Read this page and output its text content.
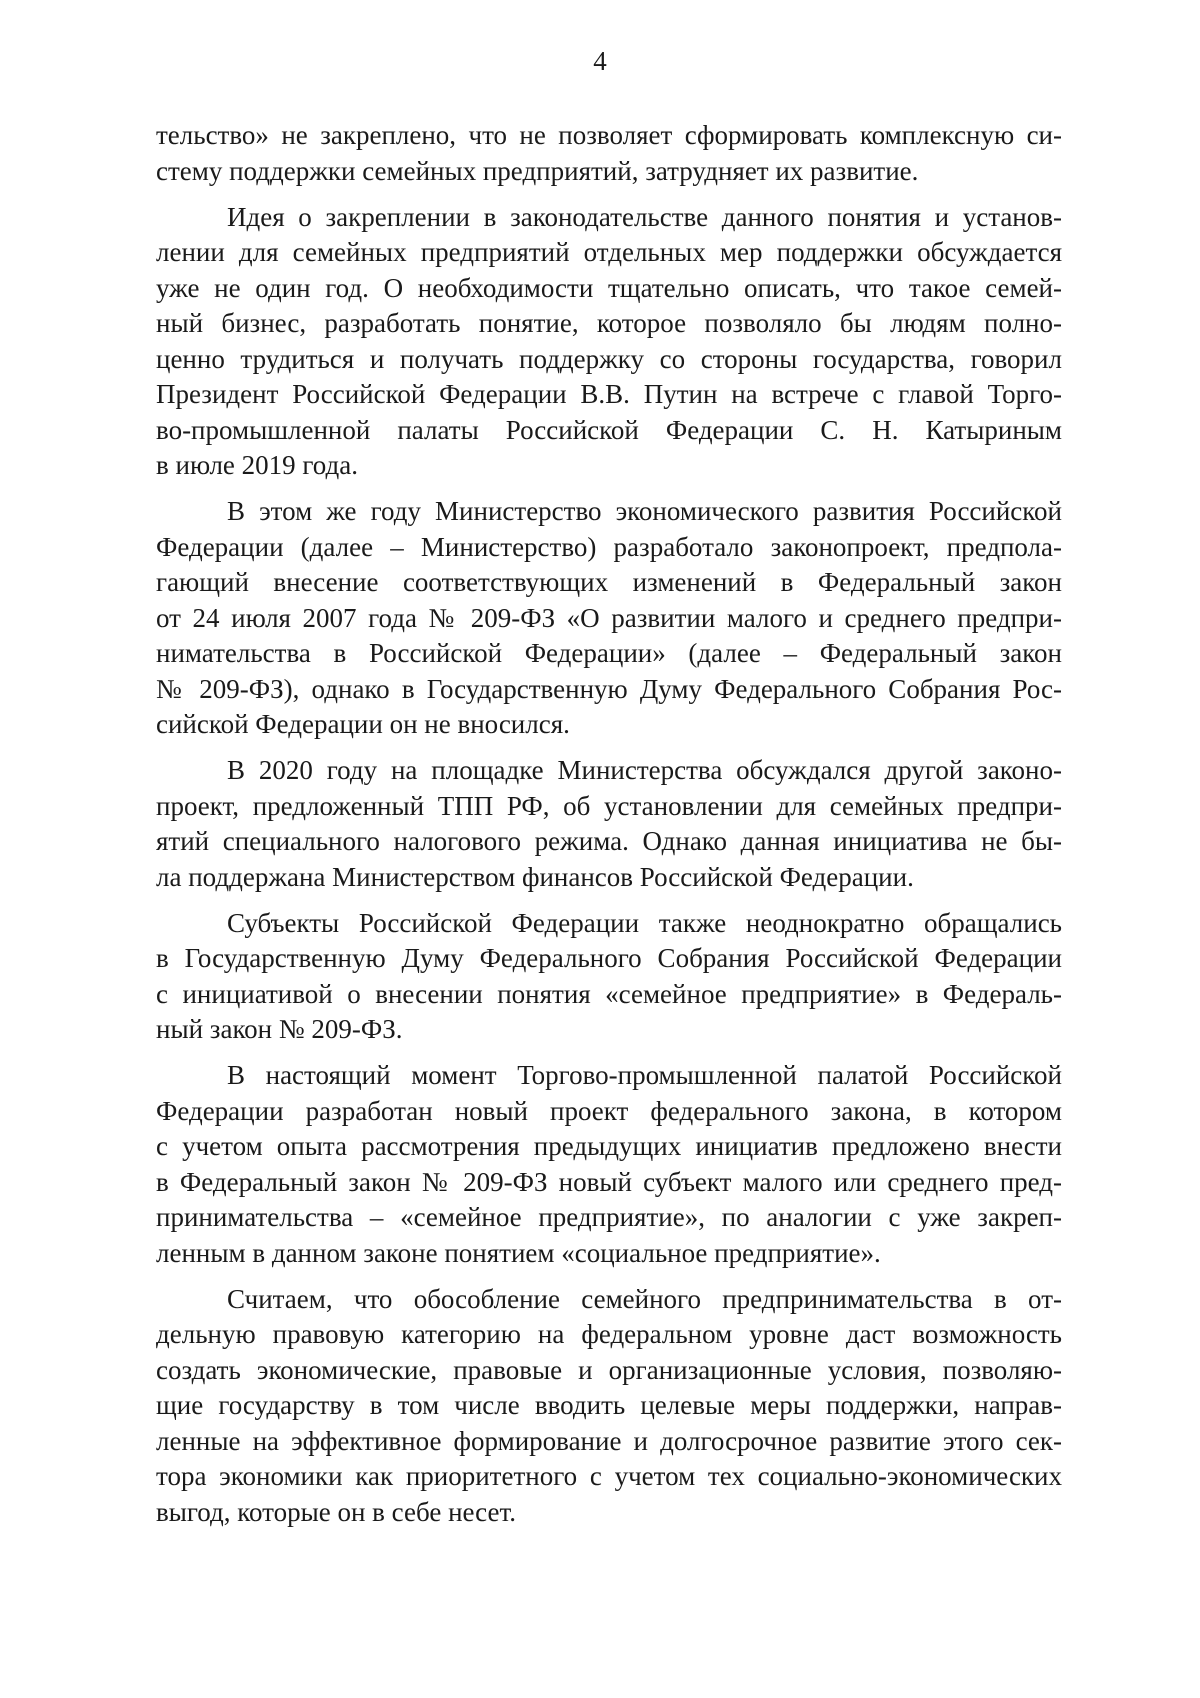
4
тельство» не закреплено, что не позволяет сформировать комплексную си-
стему поддержки семейных предприятий, затрудняет их развитие.
Идея о закреплении в законодательстве данного понятия и установ-
лении для семейных предприятий отдельных мер поддержки обсуждается
уже не один год. О необходимости тщательно описать, что такое семей-
ный бизнес, разработать понятие, которое позволяло бы людям полно-
ценно трудиться и получать поддержку со стороны государства, говорил
Президент Российской Федерации В.В. Путин на встрече с главой Торго-
во-промышленной палаты Российской Федерации С. Н. Катыриным
в июле 2019 года.
В этом же году Министерство экономического развития Российской
Федерации (далее – Министерство) разработало законопроект, предпола-
гающий внесение соответствующих изменений в Федеральный закон
от 24 июля 2007 года № 209-ФЗ «О развитии малого и среднего предпри-
нимательства в Российской Федерации» (далее – Федеральный закон
№ 209-ФЗ), однако в Государственную Думу Федерального Собрания Рос-
сийской Федерации он не вносился.
В 2020 году на площадке Министерства обсуждался другой законо-
проект, предложенный ТПП РФ, об установлении для семейных предпри-
ятий специального налогового режима. Однако данная инициатива не бы-
ла поддержана Министерством финансов Российской Федерации.
Субъекты Российской Федерации также неоднократно обращались
в Государственную Думу Федерального Собрания Российской Федерации
с инициативой о внесении понятия «семейное предприятие» в Федераль-
ный закон № 209-ФЗ.
В настоящий момент Торгово-промышленной палатой Российской
Федерации разработан новый проект федерального закона, в котором
с учетом опыта рассмотрения предыдущих инициатив предложено внести
в Федеральный закон № 209-ФЗ новый субъект малого или среднего пред-
принимательства – «семейное предприятие», по аналогии с уже закреп-
ленным в данном законе понятием «социальное предприятие».
Считаем, что обособление семейного предпринимательства в от-
дельную правовую категорию на федеральном уровне даст возможность
создать экономические, правовые и организационные условия, позволяю-
щие государству в том числе вводить целевые меры поддержки, направ-
ленные на эффективное формирование и долгосрочное развитие этого сек-
тора экономики как приоритетного с учетом тех социально-экономических
выгод, которые он в себе несет.
